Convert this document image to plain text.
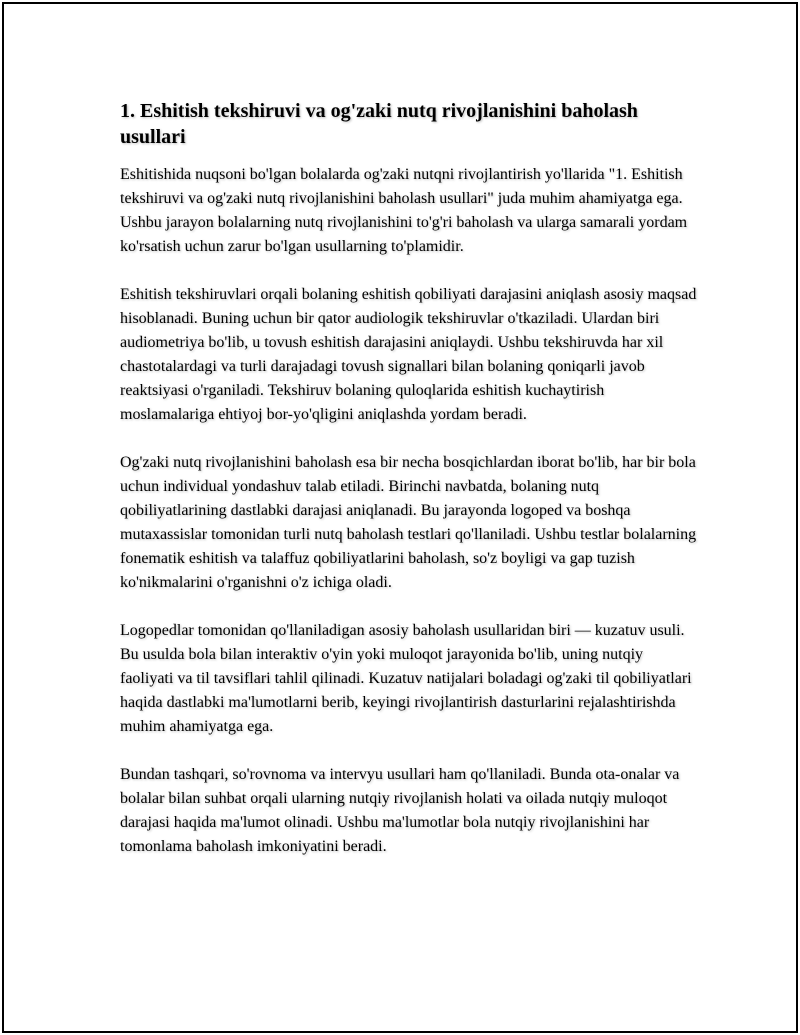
1. Eshitish tekshiruvi va og'zaki nutq rivojlanishini baholash usullari

Eshitishida nuqsoni bo'lgan bolalarda og'zaki nutqni rivojlantirish yo'llarida "1. Eshitish tekshiruvi va og'zaki nutq rivojlanishini baholash usullari" juda muhim ahamiyatga ega. Ushbu jarayon bolalarning nutq rivojlanishini to'g'ri baholash va ularga samarali yordam ko'rsatish uchun zarur bo'lgan usullarning to'plamidir.

Eshitish tekshiruvlari orqali bolaning eshitish qobiliyati darajasini aniqlash asosiy maqsad hisoblanadi. Buning uchun bir qator audiologik tekshiruvlar o'tkaziladi. Ulardan biri audiometriya bo'lib, u tovush eshitish darajasini aniqlaydi. Ushbu tekshiruvda har xil chastotalardagi va turli darajadagi tovush signallari bilan bolaning qoniqarli javob reaktsiyasi o'rganiladi. Tekshiruv bolaning quloqlarida eshitish kuchaytirish moslamalariga ehtiyoj bor-yo'qligini aniqlashda yordam beradi.

Og'zaki nutq rivojlanishini baholash esa bir necha bosqichlardan iborat bo'lib, har bir bola uchun individual yondashuv talab etiladi. Birinchi navbatda, bolaning nutq qobiliyatlarining dastlabki darajasi aniqlanadi. Bu jarayonda logoped va boshqa mutaxassislar tomonidan turli nutq baholash testlari qo'llaniladi. Ushbu testlar bolalarning fonematik eshitish va talaffuz qobiliyatlarini baholash, so'z boyligi va gap tuzish ko'nikmalarini o'rganishni o'z ichiga oladi.

Logopedlar tomonidan qo'llaniladigan asosiy baholash usullaridan biri — kuzatuv usuli. Bu usulda bola bilan interaktiv o'yin yoki muloqot jarayonida bo'lib, uning nutqiy faoliyati va til tavsiflari tahlil qilinadi. Kuzatuv natijalari boladagi og'zaki til qobiliyatlari haqida dastlabki ma'lumotlarni berib, keyingi rivojlantirish dasturlarini rejalashtirishda muhim ahamiyatga ega.

Bundan tashqari, so'rovnoma va intervyu usullari ham qo'llaniladi. Bunda ota-onalar va bolalar bilan suhbat orqali ularning nutqiy rivojlanish holati va oilada nutqiy muloqot darajasi haqida ma'lumot olinadi. Ushbu ma'lumotlar bola nutqiy rivojlanishini har tomonlama baholash imkoniyatini beradi.
